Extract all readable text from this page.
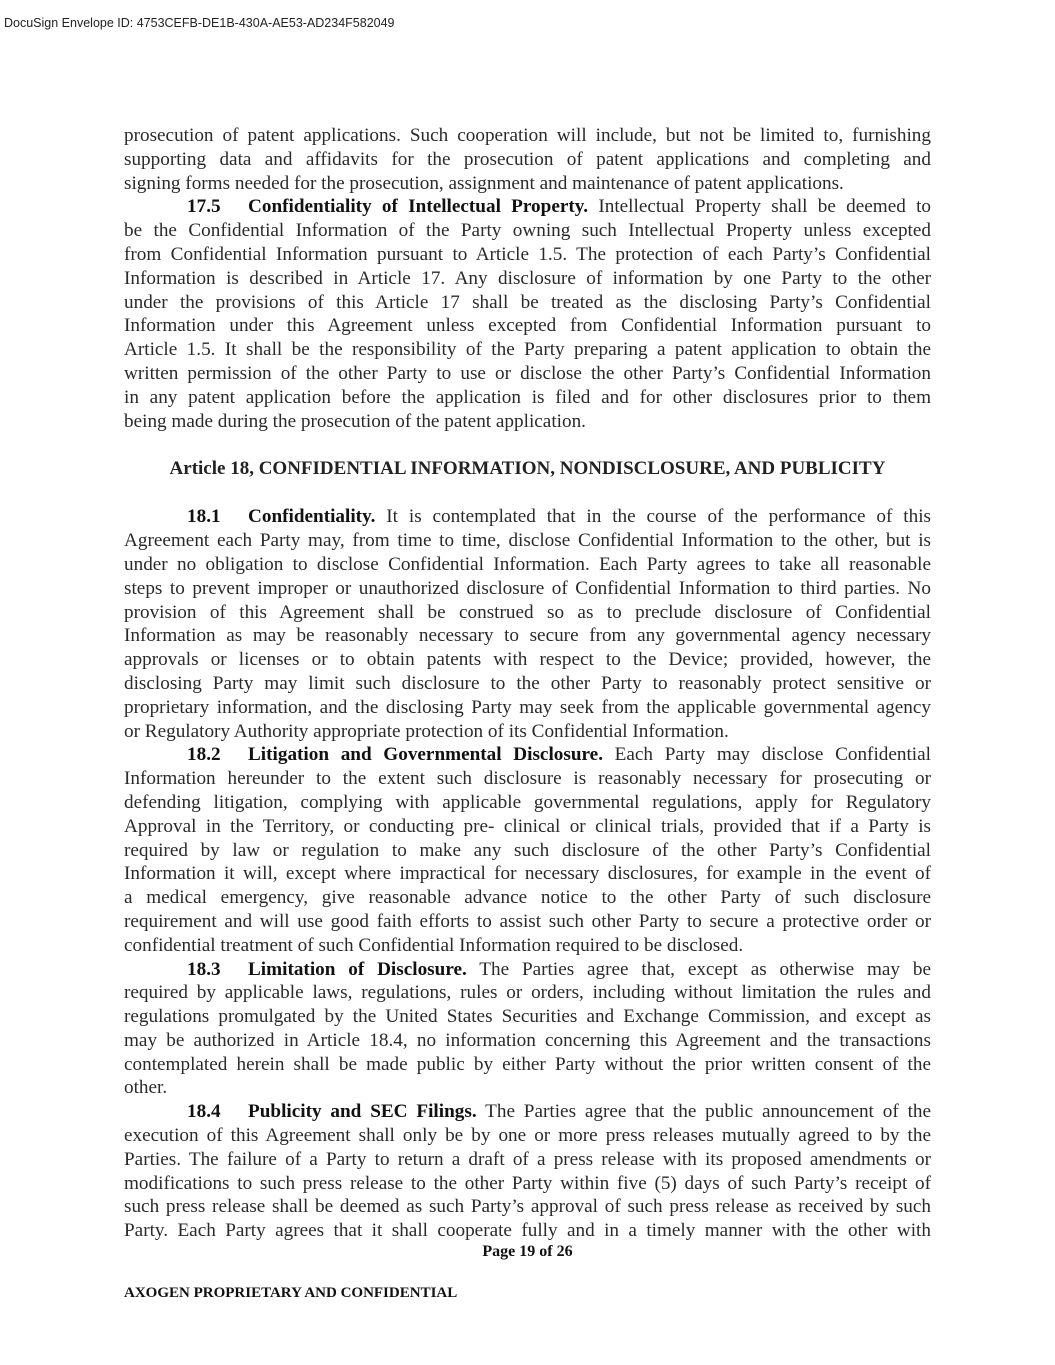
DocuSign Envelope ID: 4753CEFB-DE1B-430A-AE53-AD234F582049
prosecution of patent applications. Such cooperation will include, but not be limited to, furnishing
supporting data and affidavits for the prosecution of patent applications and completing and
signing forms needed for the prosecution, assignment and maintenance of patent applications.
17.5 Confidentiality of Intellectual Property. Intellectual Property shall be deemed to
be the Confidential Information of the Party owning such Intellectual Property unless excepted
from Confidential Information pursuant to Article 1.5. The protection of each Party’s Confidential
Information is described in Article 17. Any disclosure of information by one Party to the other
under the provisions of this Article 17 shall be treated as the disclosing Party’s Confidential
Information under this Agreement unless excepted from Confidential Information pursuant to
Article 1.5. It shall be the responsibility of the Party preparing a patent application to obtain the
written permission of the other Party to use or disclose the other Party’s Confidential Information
in any patent application before the application is filed and for other disclosures prior to them
being made during the prosecution of the patent application.
Article 18, CONFIDENTIAL INFORMATION, NONDISCLOSURE, AND PUBLICITY
18.1 Confidentiality. It is contemplated that in the course of the performance of this
Agreement each Party may, from time to time, disclose Confidential Information to the other, but is
under no obligation to disclose Confidential Information. Each Party agrees to take all reasonable
steps to prevent improper or unauthorized disclosure of Confidential Information to third parties. No
provision of this Agreement shall be construed so as to preclude disclosure of Confidential
Information as may be reasonably necessary to secure from any governmental agency necessary
approvals or licenses or to obtain patents with respect to the Device; provided, however, the
disclosing Party may limit such disclosure to the other Party to reasonably protect sensitive or
proprietary information, and the disclosing Party may seek from the applicable governmental agency
or Regulatory Authority appropriate protection of its Confidential Information.
18.2 Litigation and Governmental Disclosure. Each Party may disclose Confidential
Information hereunder to the extent such disclosure is reasonably necessary for prosecuting or
defending litigation, complying with applicable governmental regulations, apply for Regulatory
Approval in the Territory, or conducting pre- clinical or clinical trials, provided that if a Party is
required by law or regulation to make any such disclosure of the other Party’s Confidential
Information it will, except where impractical for necessary disclosures, for example in the event of
a medical emergency, give reasonable advance notice to the other Party of such disclosure
requirement and will use good faith efforts to assist such other Party to secure a protective order or
confidential treatment of such Confidential Information required to be disclosed.
18.3 Limitation of Disclosure. The Parties agree that, except as otherwise may be
required by applicable laws, regulations, rules or orders, including without limitation the rules and
regulations promulgated by the United States Securities and Exchange Commission, and except as
may be authorized in Article 18.4, no information concerning this Agreement and the transactions
contemplated herein shall be made public by either Party without the prior written consent of the
other.
18.4 Publicity and SEC Filings. The Parties agree that the public announcement of the
execution of this Agreement shall only be by one or more press releases mutually agreed to by the
Parties. The failure of a Party to return a draft of a press release with its proposed amendments or
modifications to such press release to the other Party within five (5) days of such Party’s receipt of
such press release shall be deemed as such Party’s approval of such press release as received by such
Party. Each Party agrees that it shall cooperate fully and in a timely manner with the other with
Page 19 of 26
AXOGEN PROPRIETARY AND CONFIDENTIAL
